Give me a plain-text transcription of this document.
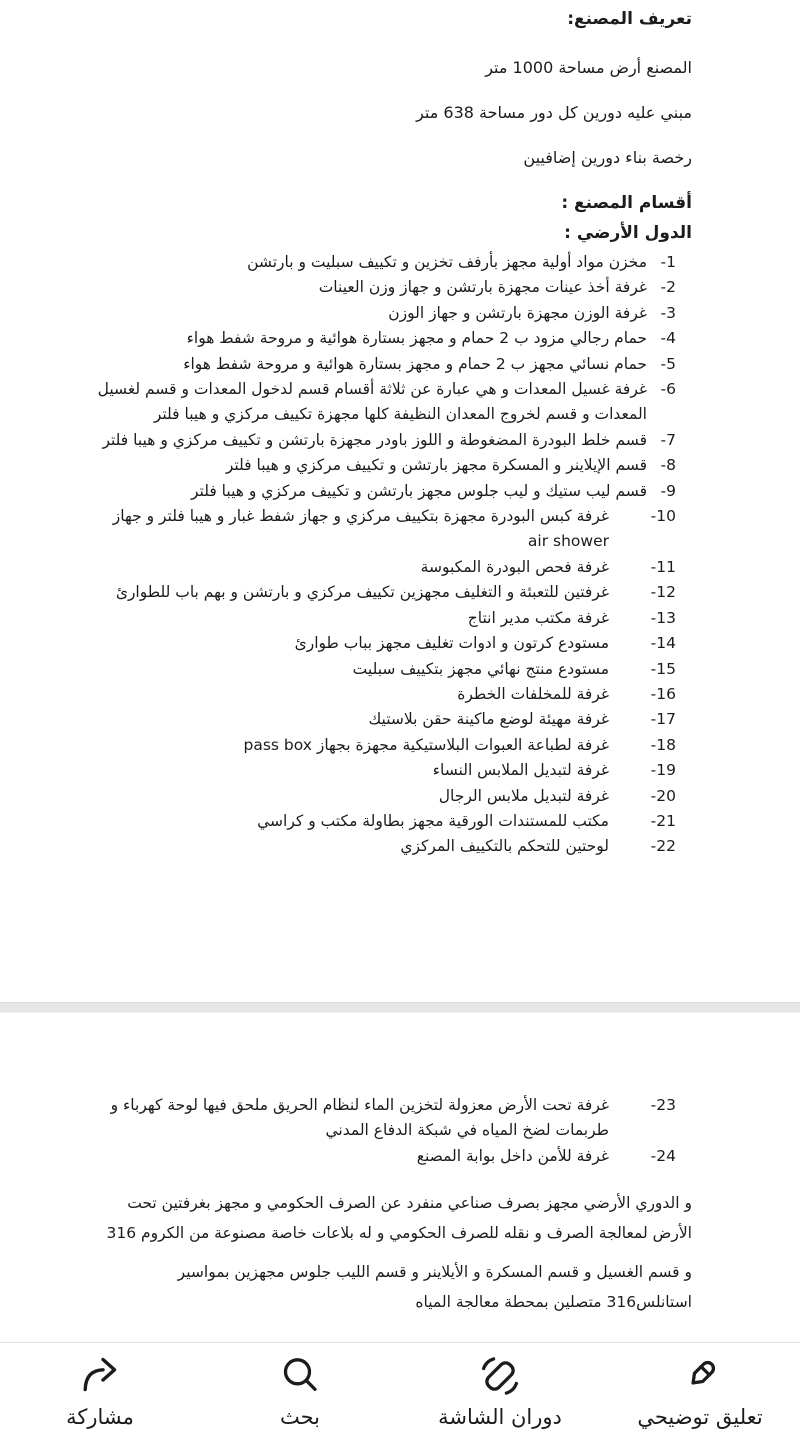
تعريف المصنع:

المصنع أرض مساحة 1000 متر

مبني عليه دورين كل دور مساحة 638 متر

رخصة بناء دورين إضافيين

أقسام المصنع :

الدول الأرضي :

1-
مخزن مواد أولية مجهز بأرفف تخزين و تكييف سبليت و بارتشن
2-
غرفة أخذ عينات مجهزة بارتشن و جهاز وزن العينات
3-
غرفة الوزن مجهزة بارتشن و جهاز الوزن
4-
حمام رجالي مزود ب 2 حمام و مجهز بستارة هوائية و مروحة شفط هواء
5-
حمام نسائي مجهز ب 2 حمام و مجهز بستارة هوائية و مروحة شفط هواء
6-
غرفة غسيل المعدات و هي عبارة عن ثلاثة أقسام قسم لدخول المعدات و قسم لغسيل المعدات و قسم لخروج المعدان النظيفة كلها مجهزة تكييف مركزي و هيبا فلتر
7-
قسم خلط البودرة المضغوطة و اللوز باودر مجهزة بارتشن و تكييف مركزي و هيبا فلتر
8-
قسم الإيلاينر و المسكرة مجهز بارتشن و تكييف مركزي و هيبا فلتر
9-
قسم ليب ستيك و ليب جلوس مجهز بارتشن و تكييف مركزي و هيبا فلتر
10-
غرفة كبس البودرة مجهزة بتكييف مركزي و جهاز شفط غبار و هيبا فلتر و جهاز air shower
11-
غرفة فحص البودرة المكبوسة
12-
غرفتين للتعبئة و التغليف مجهزين تكييف مركزي و بارتشن و بهم باب للطوارئ
13-
غرفة مكتب مدير انتاج
14-
مستودع كرتون و ادوات تغليف مجهز بباب طوارئ
15-
مستودع منتج نهائي مجهز بتكييف سبليت
16-
غرفة للمخلفات الخطرة
17-
غرفة مهيئة لوضع ماكينة حقن بلاستيك
18-
غرفة لطباعة العبوات البلاستيكية مجهزة بجهاز pass box
19-
غرفة لتبديل الملابس النساء
20-
غرفة لتبديل ملابس الرجال
21-
مكتب للمستندات الورقية مجهز بطاولة مكتب و كراسي
22-
لوحتين للتحكم بالتكييف المركزي
23-
غرفة تحت الأرض معزولة لتخزين الماء لنظام الحريق ملحق فيها لوحة كهرباء و طربمات لضخ المياه في شبكة الدفاع المدني
24-
غرفة للأمن داخل بوابة المصنع

و الدوري الأرضي مجهز بصرف صناعي منفرد عن الصرف الحكومي و مجهز بغرفتين تحت الأرض لمعالجة الصرف و نقله للصرف الحكومي و له بلاعات خاصة مصنوعة من الكروم 316

و قسم الغسيل و قسم المسكرة و الأيلاينر و قسم الليب جلوس مجهزين بمواسير استانلس316 متصلين بمحطة معالجة المياه

مشاركة	بحث	دوران الشاشة	تعليق توضيحي
